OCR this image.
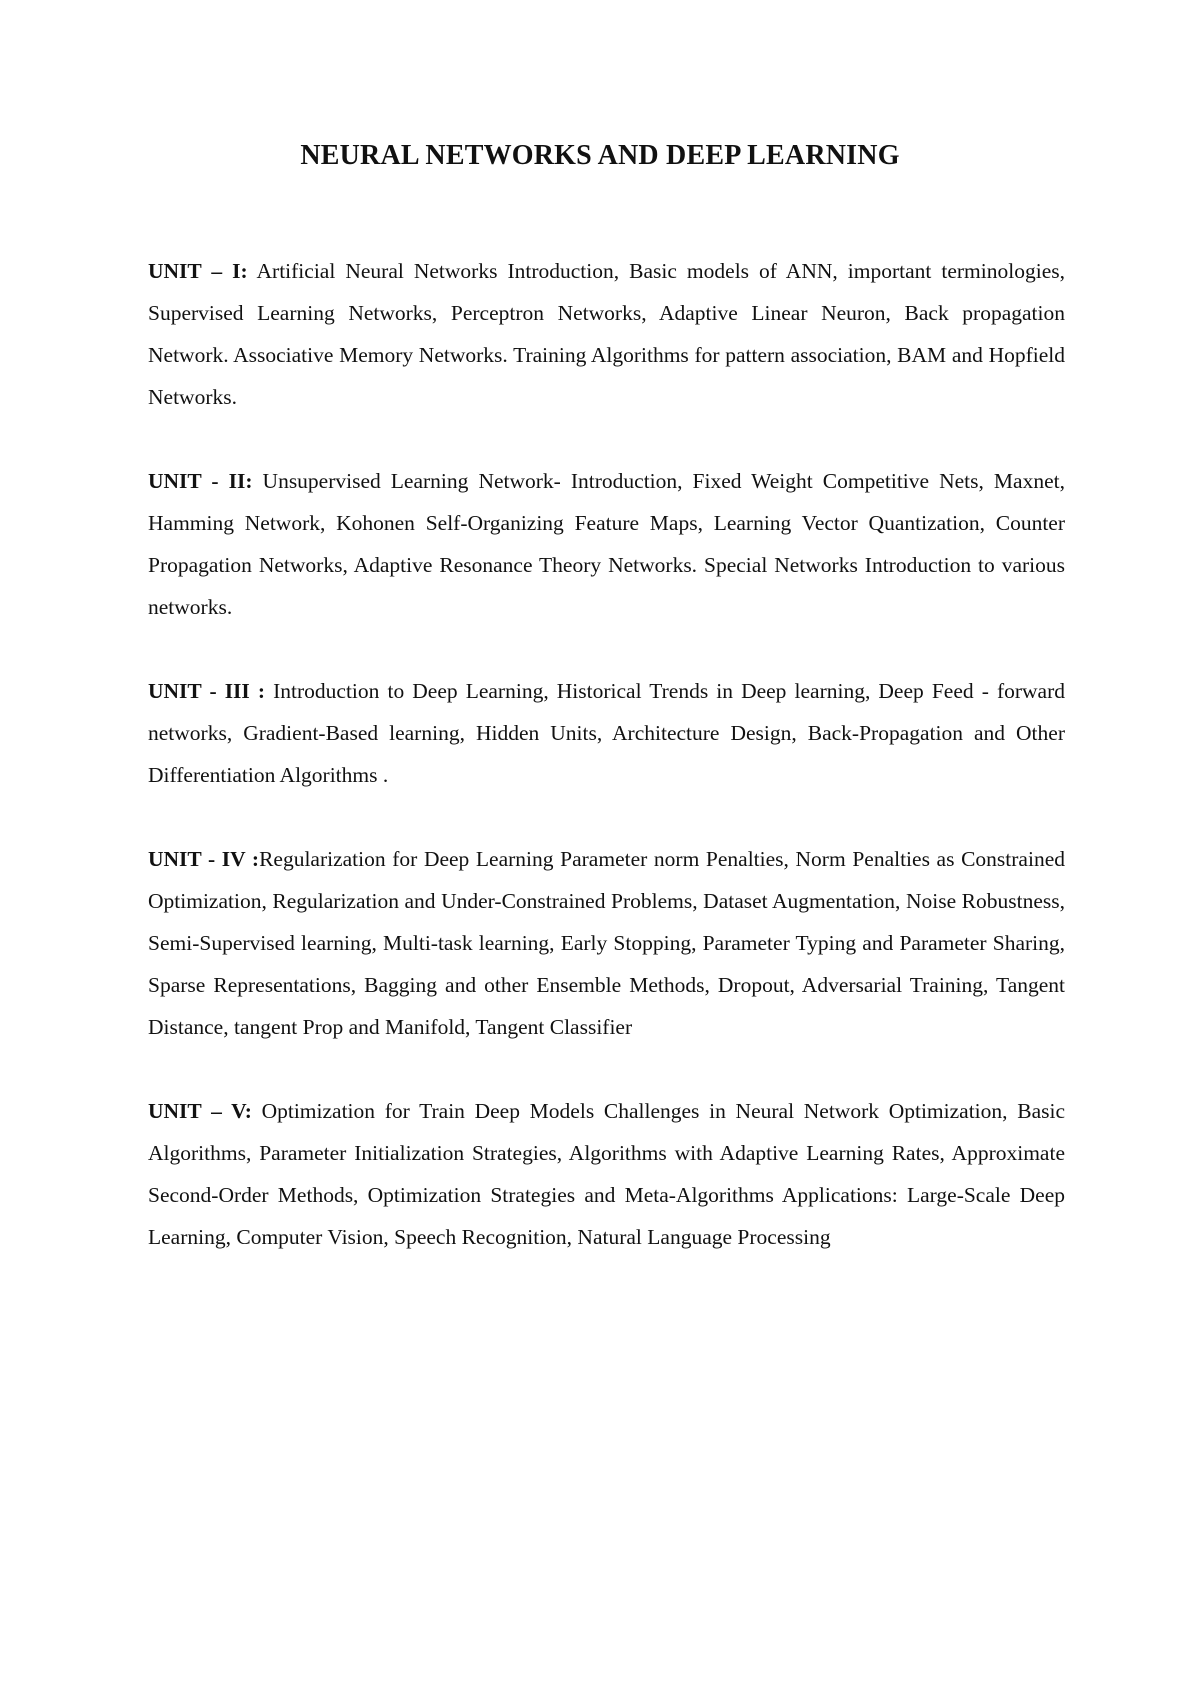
NEURAL NETWORKS AND DEEP LEARNING

UNIT – I: Artificial Neural Networks Introduction, Basic models of ANN, important terminologies, Supervised Learning Networks, Perceptron Networks, Adaptive Linear Neuron, Back propagation Network. Associative Memory Networks. Training Algorithms for pattern association, BAM and Hopfield Networks.

UNIT - II: Unsupervised Learning Network- Introduction, Fixed Weight Competitive Nets, Maxnet, Hamming Network, Kohonen Self-Organizing Feature Maps, Learning Vector Quantization, Counter Propagation Networks, Adaptive Resonance Theory Networks. Special Networks Introduction to various networks.

UNIT - III : Introduction to Deep Learning, Historical Trends in Deep learning, Deep Feed - forward networks, Gradient-Based learning, Hidden Units, Architecture Design, Back-Propagation and Other Differentiation Algorithms .

UNIT - IV :Regularization for Deep Learning Parameter norm Penalties, Norm Penalties as Constrained Optimization, Regularization and Under-Constrained Problems, Dataset Augmentation, Noise Robustness, Semi-Supervised learning, Multi-task learning, Early Stopping, Parameter Typing and Parameter Sharing, Sparse Representations, Bagging and other Ensemble Methods, Dropout, Adversarial Training, Tangent Distance, tangent Prop and Manifold, Tangent Classifier

UNIT – V: Optimization for Train Deep Models Challenges in Neural Network Optimization, Basic Algorithms, Parameter Initialization Strategies, Algorithms with Adaptive Learning Rates, Approximate Second-Order Methods, Optimization Strategies and Meta-Algorithms Applications: Large-Scale Deep Learning, Computer Vision, Speech Recognition, Natural Language Processing
